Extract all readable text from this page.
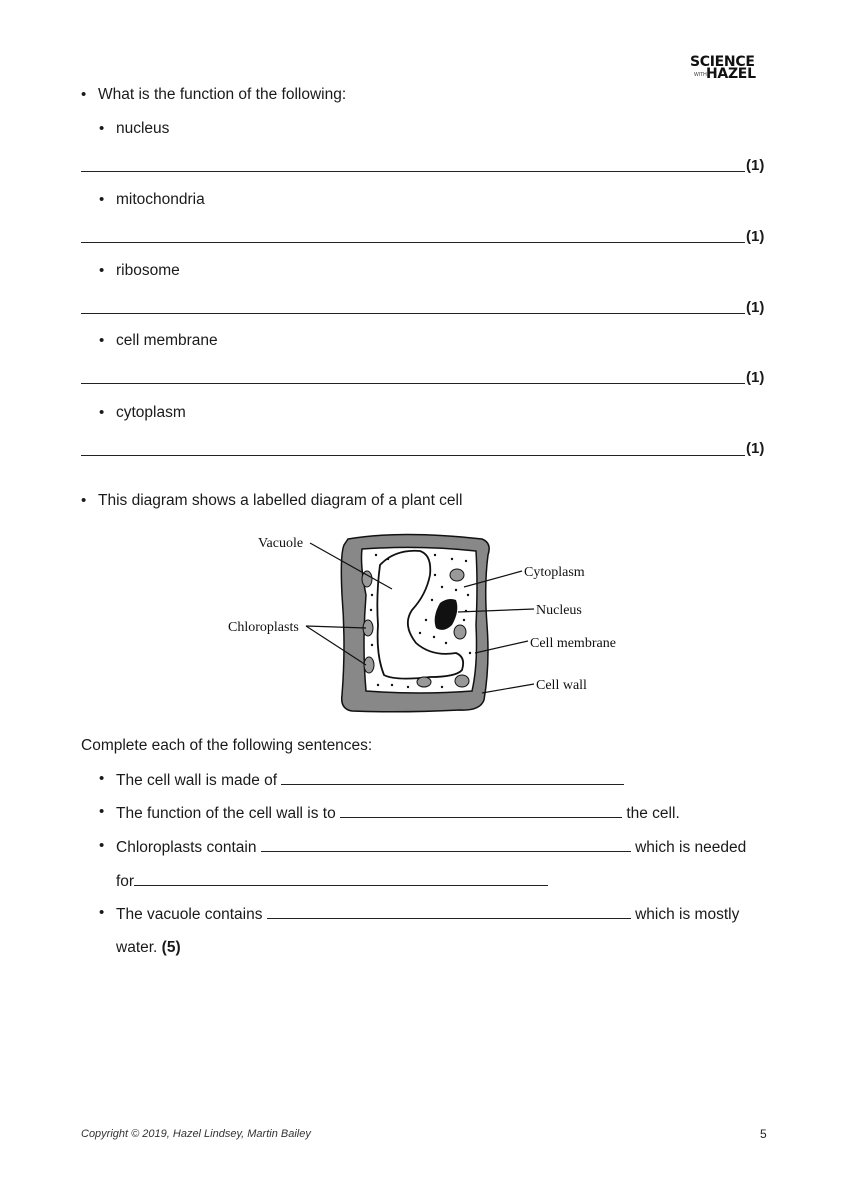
SCIENCE
WITH HAZEL
• What is the function of the following:
• nucleus
(1)
• mitochondria
(1)
• ribosome
(1)
• cell membrane
(1)
• cytoplasm
(1)
• This diagram shows a labelled diagram of a plant cell
Vacuole
Chloroplasts
Cytoplasm
Nucleus
Cell membrane
Cell wall
Complete each of the following sentences:
• The cell wall is made of
• The function of the cell wall is to	the cell.
• Chloroplasts contain	which is needed
for
• The vacuole contains	which is mostly
water. (5)
Copyright © 2019, Hazel Lindsey, Martin Bailey	5
